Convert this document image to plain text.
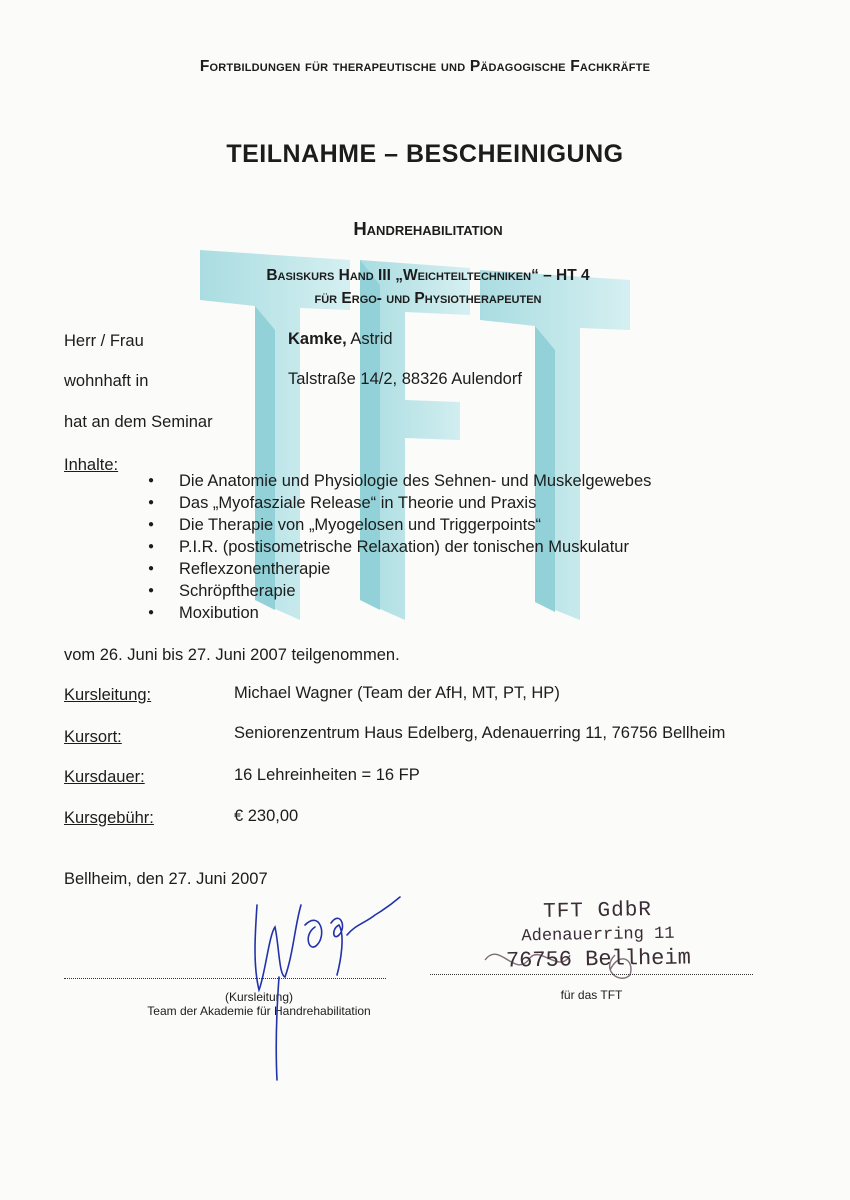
Fortbildungen für therapeutische und Pädagogische Fachkräfte
TEILNAHME – BESCHEINIGUNG
Handrehabilitation
Basiskurs Hand III „Weichteiltechniken“ – HT 4
für Ergo- und Physiotherapeuten
Herr / Frau	Kamke, Astrid
wohnhaft in	Talstraße 14/2, 88326 Aulendorf
hat an dem Seminar
Inhalte:
● Die Anatomie und Physiologie des Sehnen- und Muskelgewebes
● Das „Myofasziale Release“ in Theorie und Praxis
● Die Therapie von „Myogelosen und Triggerpoints“
● P.I.R. (postisometrische Relaxation) der tonischen Muskulatur
● Reflexzonentherapie
● Schröpftherapie
● Moxibution
vom 26. Juni bis 27. Juni 2007 teilgenommen.
Kursleitung:	Michael Wagner (Team der AfH, MT, PT, HP)
Kursort:	Seniorenzentrum Haus Edelberg, Adenauerring 11, 76756 Bellheim
Kursdauer:	16 Lehreinheiten = 16 FP
Kursgebühr:	€ 230,00
Bellheim, den 27. Juni 2007
(Kursleitung)
Team der Akademie für Handrehabilitation
für das TFT
TFT GdbR
Adenauerring 11
76756 Bellheim
